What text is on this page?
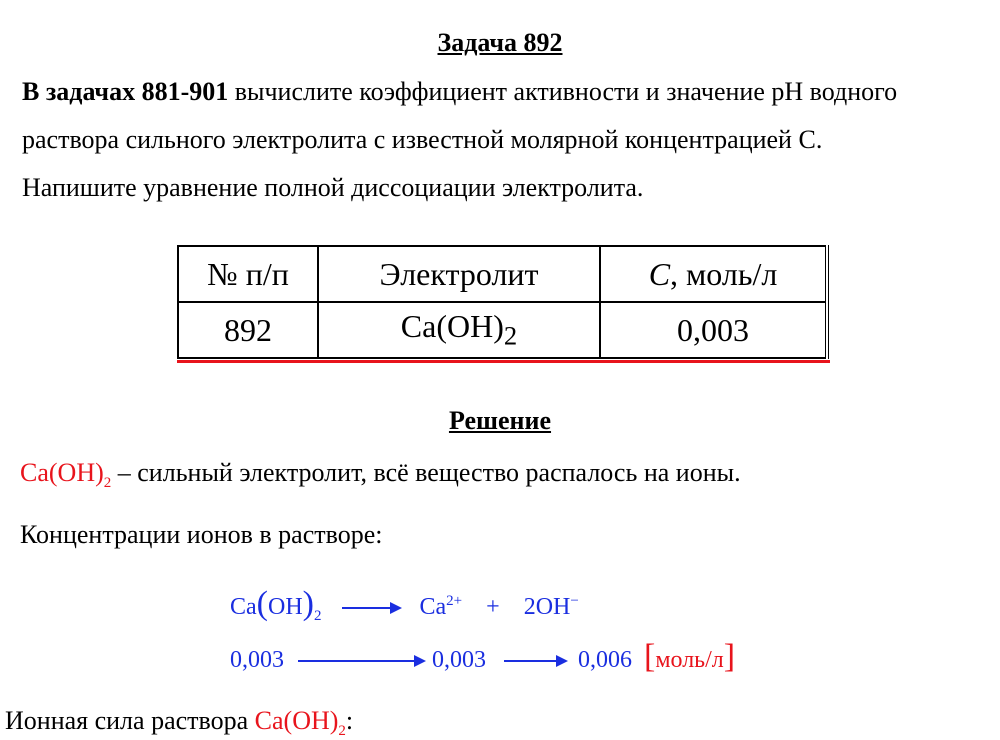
Задача 892
В задачах 881-901 вычислите коэффициент активности и значение pH водного
раствора сильного электролита с известной молярной концентрацией С.
Напишите уравнение полной диссоциации электролита.
№ п/п	Электролит	C, моль/л
892	$Ca(OH)_2$	0,003
Решение
$Ca(OH)_2$ – сильный электролит, всё вещество распалось на ионы.
Концентрации ионов в растворе:
$Ca(OH)_2 \to Ca^{2+} + 2OH^-$
0,003	0,003	0,006 [моль/л]
Ионная сила раствора $Ca(OH)_2$:
